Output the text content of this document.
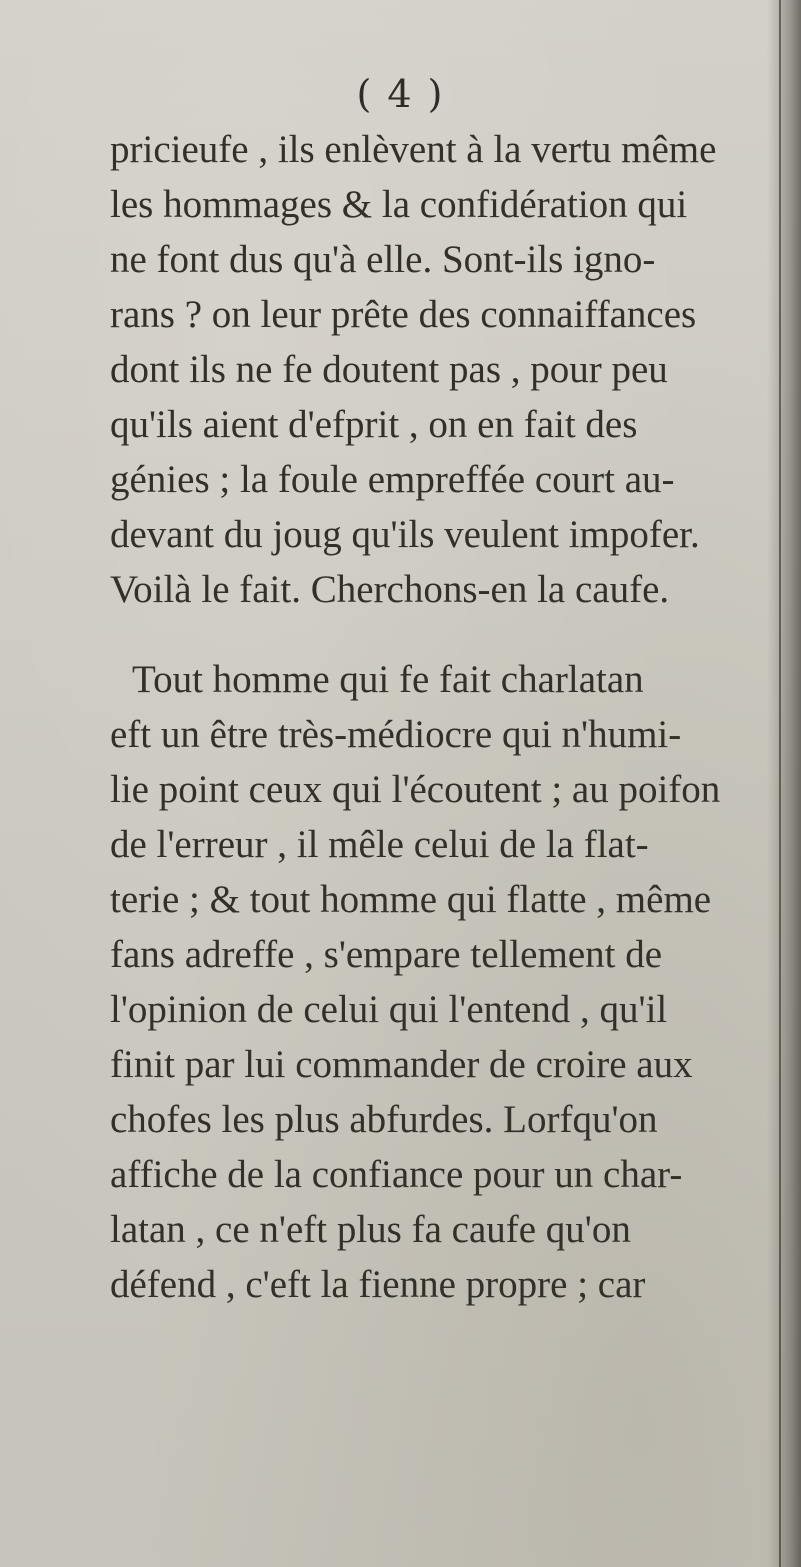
( 4 )
pricieufe , ils enlèvent à la vertu même
les hommages & la confidération qui
ne font dus qu'à elle. Sont-ils igno-
rans ? on leur prête des connaiffances
dont ils ne fe doutent pas , pour peu
qu'ils aient d'efprit , on en fait des
génies ; la foule empreffée court au-
devant du joug qu'ils veulent impofer.
Voilà le fait. Cherchons-en la caufe.
Tout homme qui fe fait charlatan
eft un être très-médiocre qui n'humi-
lie point ceux qui l'écoutent ; au poifon
de l'erreur , il mêle celui de la flat-
terie ; & tout homme qui flatte , même
fans adreffe , s'empare tellement de
l'opinion de celui qui l'entend , qu'il
finit par lui commander de croire aux
chofes les plus abfurdes. Lorfqu'on
affiche de la confiance pour un char-
latan , ce n'eft plus fa caufe qu'on
défend , c'eft la fienne propre ; car
